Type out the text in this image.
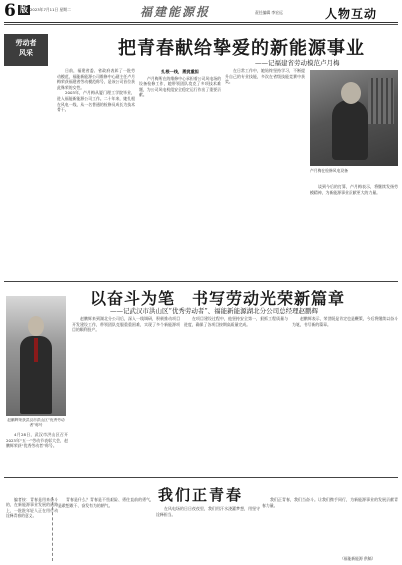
6 版 2023年7月11日 星期二	福建能源报	责任编辑 李宏远	人物互动
劳动者
风采	把青春献给挚爱的新能源事业
——记福建省劳动模范卢月梅

日前，福建省委、省政府表彰了一批劳动模范，福能新能源公司维修中心副主任卢月梅荣获福建省劳动模范称号，是该公司首位获此殊荣的女性。

2003年，卢月梅从厦门理工学院毕业，进入福能新能源公司工作。二十年来，她扎根在风电一线，从一名普通的检修员成长为技术骨干。

扎根一线，勇挑重担

卢月梅所在的维修中心承担着公司风电场的设备检修工作，她带领团队攻克了多项技术难题，为公司风电机组安全稳定运行作出了重要贡献。

在日常工作中，她始终坚持学习，不断提升自己的专业技能，多次在省级技能竞赛中获奖。

卢月梅在检修风电设备

谈到今后的打算，卢月梅表示，将继续发扬劳模精神，为新能源事业贡献更大的力量。

以奋斗为笔　书写劳动光荣新篇章
——记武汉市洪山区“优秀劳动者”、福能新能源湖北分公司总经理赵鹏辉
赵鹏辉荣获武汉市洪山区“优秀劳动者”称号

4月28日，武汉市洪山区召开2023年“五一”劳动节表彰大会，赵鹏辉荣获“优秀劳动者”称号。

赵鹏辉来到湖北分公司后，深入一线调研，积极推动项目开发建设工作，带领团队克服重重困难，实现了多个新能源项目的顺利投产。

在项目建设过程中，他坚持安全第一，狠抓工程质量与进度，确保了各项目按期高质量完成。

赵鹏辉表示，荣誉既是肯定也是鞭策，今后将继续以奋斗为笔，书写新的篇章。

我们正青春

编者按：青春是用来奋斗的，在新能源事业发展的道路上，一批批年轻人正在用行动诠释青春的意义。

青春是什么？青春是不畏艰险、勇往直前的勇气，是敢想敢干、奋发有为的朝气。

在风电场的日日夜夜里，我们用汗水浇灌梦想，用坚守诠释担当。

我们正青春，我们当奋斗。让我们携手同行，为新能源事业的发展贡献青春力量。

（福能新能源 供稿）
